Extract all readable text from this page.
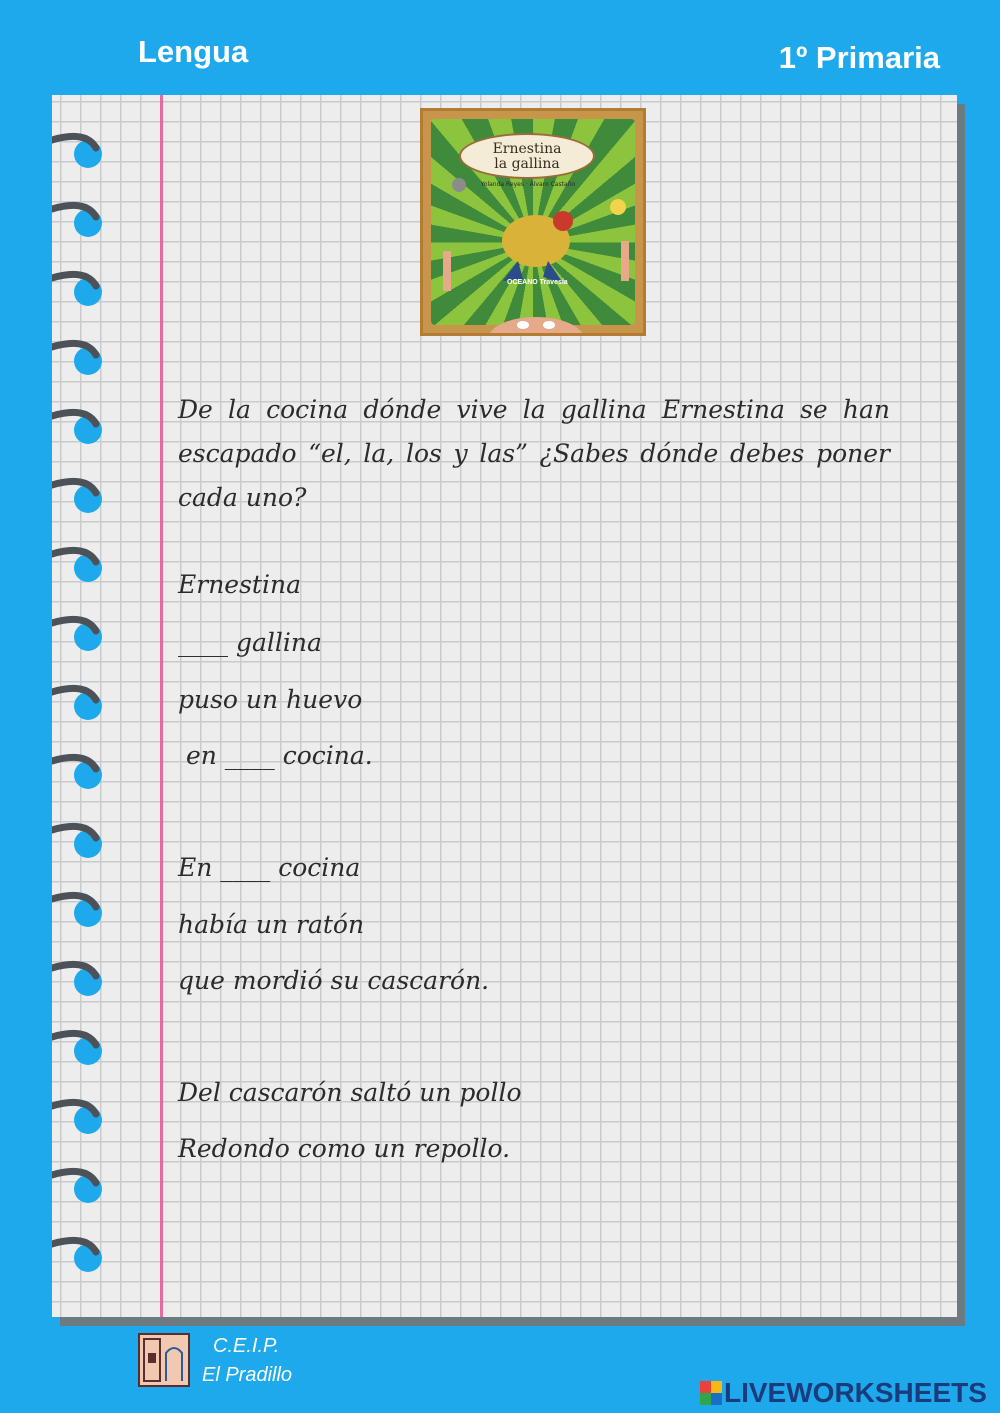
Lengua	1º Primaria
Ernestina
la gallina
Yolanda Reyes · Álvaro Castaño
OCEANO Travesía
De la cocina dónde vive la gallina Ernestina se han escapado “el, la, los y las” ¿Sabes dónde debes poner cada uno?
Ernestina
____ gallina
puso un huevo
en ____ cocina.
En ____ cocina
había un ratón
que mordió su cascarón.
Del cascarón saltó un pollo
Redondo como un repollo.
C.E.I.P.
El Pradillo
LIVEWORKSHEETS
